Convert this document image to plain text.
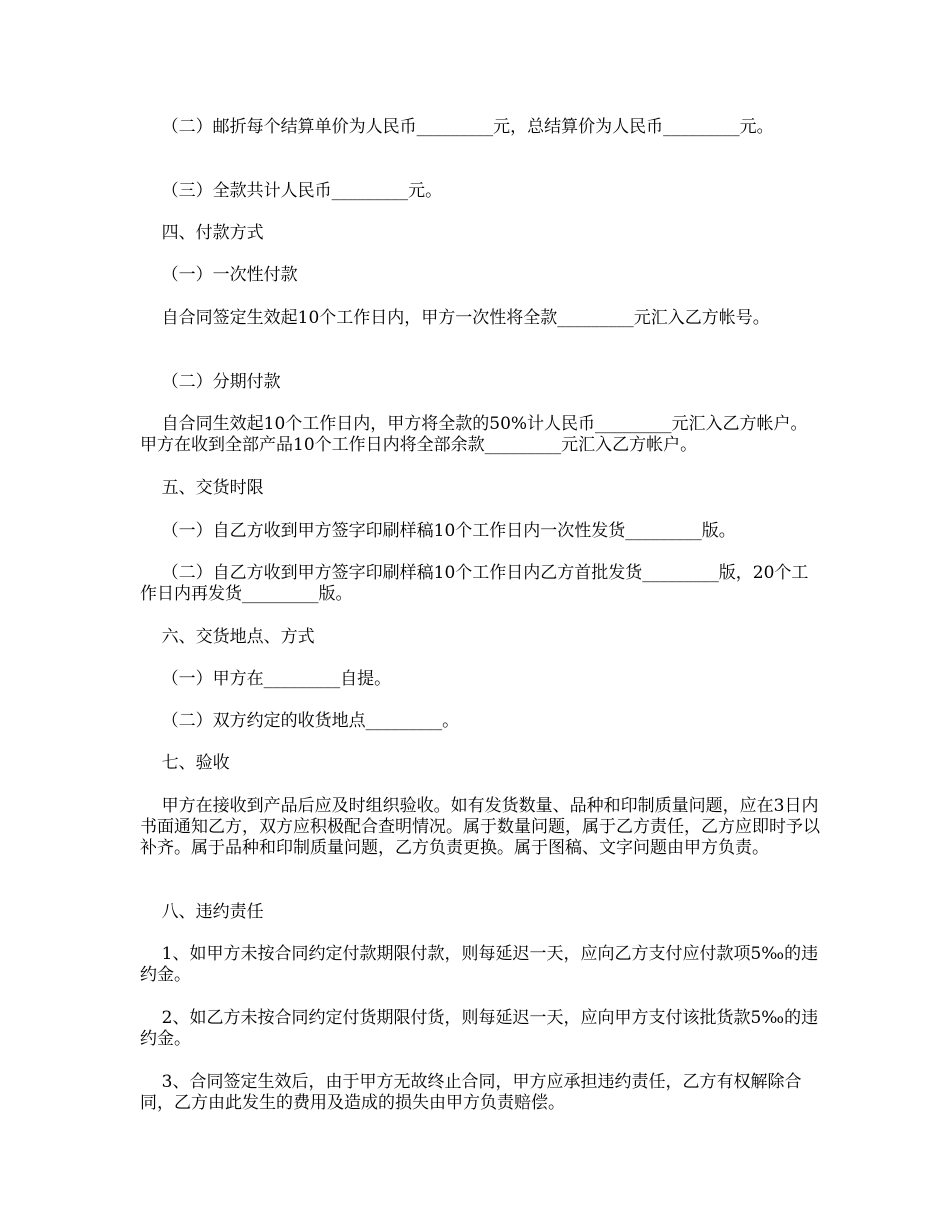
（二）邮折每个结算单价为人民币_________元，总结算价为人民币_________元。

（三）全款共计人民币_________元。

四、付款方式

（一）一次性付款

自合同签定生效起10个工作日内，甲方一次性将全款_________元汇入乙方帐号。

（二）分期付款

自合同生效起10个工作日内，甲方将全款的50%计人民币_________元汇入乙方帐户。甲方在收到全部产品10个工作日内将全部余款_________元汇入乙方帐户。

五、交货时限

（一）自乙方收到甲方签字印刷样稿10个工作日内一次性发货_________版。

（二）自乙方收到甲方签字印刷样稿10个工作日内乙方首批发货_________版，20个工作日内再发货_________版。

六、交货地点、方式

（一）甲方在_________自提。

（二）双方约定的收货地点_________。

七、验收

甲方在接收到产品后应及时组织验收。如有发货数量、品种和印制质量问题，应在3日内书面通知乙方，双方应积极配合查明情况。属于数量问题，属于乙方责任，乙方应即时予以补齐。属于品种和印制质量问题，乙方负责更换。属于图稿、文字问题由甲方负责。

八、违约责任

1、如甲方未按合同约定付款期限付款，则每延迟一天，应向乙方支付应付款项5‰的违约金。

2、如乙方未按合同约定付货期限付货，则每延迟一天，应向甲方支付该批货款5‰的违约金。

3、合同签定生效后，由于甲方无故终止合同，甲方应承担违约责任，乙方有权解除合同，乙方由此发生的费用及造成的损失由甲方负责赔偿。
